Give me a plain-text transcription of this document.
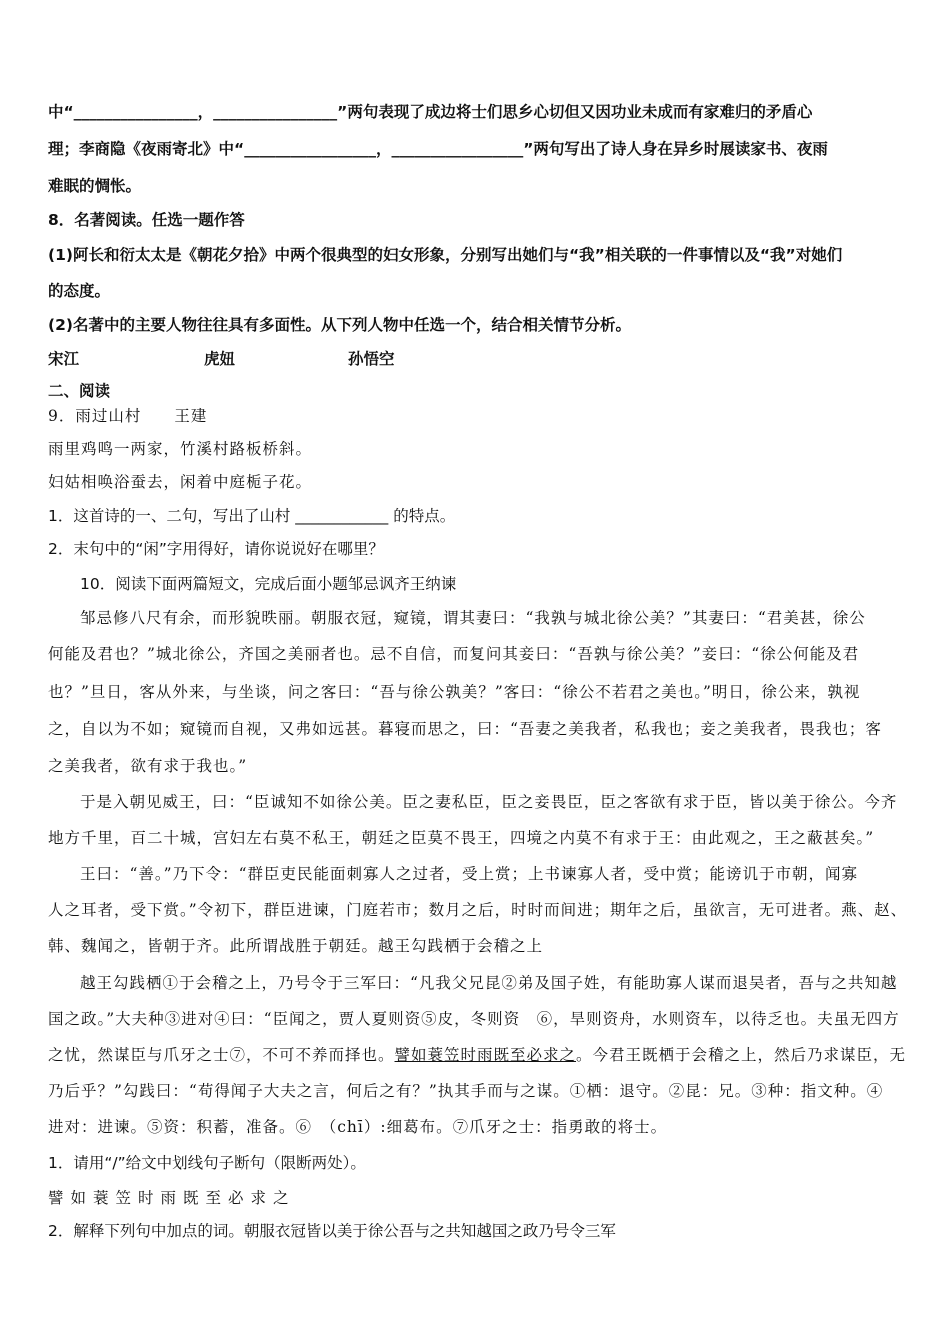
中“________________，________________”两句表现了成边将士们思乡心切但又因功业未成而有家难归的矛盾心
理；李商隐《夜雨寄北》中“_________________，_________________”两句写出了诗人身在异乡时展读家书、夜雨
难眠的惆怅。
8．名著阅读。任选一题作答
(1)阿长和衍太太是《朝花夕拾》中两个很典型的妇女形象，分别写出她们与“我”相关联的一件事情以及“我”对她们
的态度。
(2)名著中的主要人物往往具有多面性。从下列人物中任选一个，结合相关情节分析。
宋江	虎妞	孙悟空
二、阅读
9．雨过山村　　王建
雨里鸡鸣一两家，竹溪村路板桥斜。
妇姑相唤浴蚕去，闲着中庭栀子花。
1．这首诗的一、二句，写出了山村 ____________ 的特点。
2．末句中的“闲”字用得好，请你说说好在哪里？
10．阅读下面两篇短文，完成后面小题邹忌讽齐王纳谏
邹忌修八尺有余，而形貌昳丽。朝服衣冠，窥镜，谓其妻曰：“我孰与城北徐公美？”其妻曰：“君美甚，徐公
何能及君也？”城北徐公，齐国之美丽者也。忌不自信，而复问其妾曰：“吾孰与徐公美？”妾曰：“徐公何能及君
也？”旦日，客从外来，与坐谈，问之客曰：“吾与徐公孰美？”客曰：“徐公不若君之美也。”明日，徐公来，孰视
之，自以为不如；窥镜而自视，又弗如远甚。暮寝而思之，曰：“吾妻之美我者，私我也；妾之美我者，畏我也；客
之美我者，欲有求于我也。”
于是入朝见威王，曰：“臣诚知不如徐公美。臣之妻私臣，臣之妾畏臣，臣之客欲有求于臣，皆以美于徐公。今齐
地方千里，百二十城，宫妇左右莫不私王，朝廷之臣莫不畏王，四境之内莫不有求于王：由此观之，王之蔽甚矣。”
王曰：“善。”乃下令：“群臣吏民能面刺寡人之过者，受上赏；上书谏寡人者，受中赏；能谤讥于市朝，闻寡
人之耳者，受下赏。”令初下，群臣进谏，门庭若市；数月之后，时时而间进；期年之后，虽欲言，无可进者。燕、赵、
韩、魏闻之，皆朝于齐。此所谓战胜于朝廷。越王勾践栖于会稽之上
越王勾践栖①于会稽之上，乃号令于三军曰：“凡我父兄昆②弟及国子姓，有能助寡人谋而退吴者，吾与之共知越
国之政。”大夫种③进对④曰：“臣闻之，贾人夏则资⑤皮，冬则资　⑥，旱则资舟，水则资车，以待乏也。夫虽无四方
之忧，然谋臣与爪牙之士⑦，不可不养而择也。譬如蓑笠时雨既至必求之。今君王既栖于会稽之上，然后乃求谋臣，无
乃后乎？”勾践曰：“苟得闻子大夫之言，何后之有？”执其手而与之谋。①栖：退守。②昆：兄。③种：指文种。④
进对：进谏。⑤资：积蓄，准备。⑥　（chī）:细葛布。⑦爪牙之士：指勇敢的将士。
1．请用“/”给文中划线句子断句（限断两处）。
譬如蓑笠时雨既至必求之
2．解释下列句中加点的词。朝服衣冠皆以美于徐公吾与之共知越国之政乃号令三军
